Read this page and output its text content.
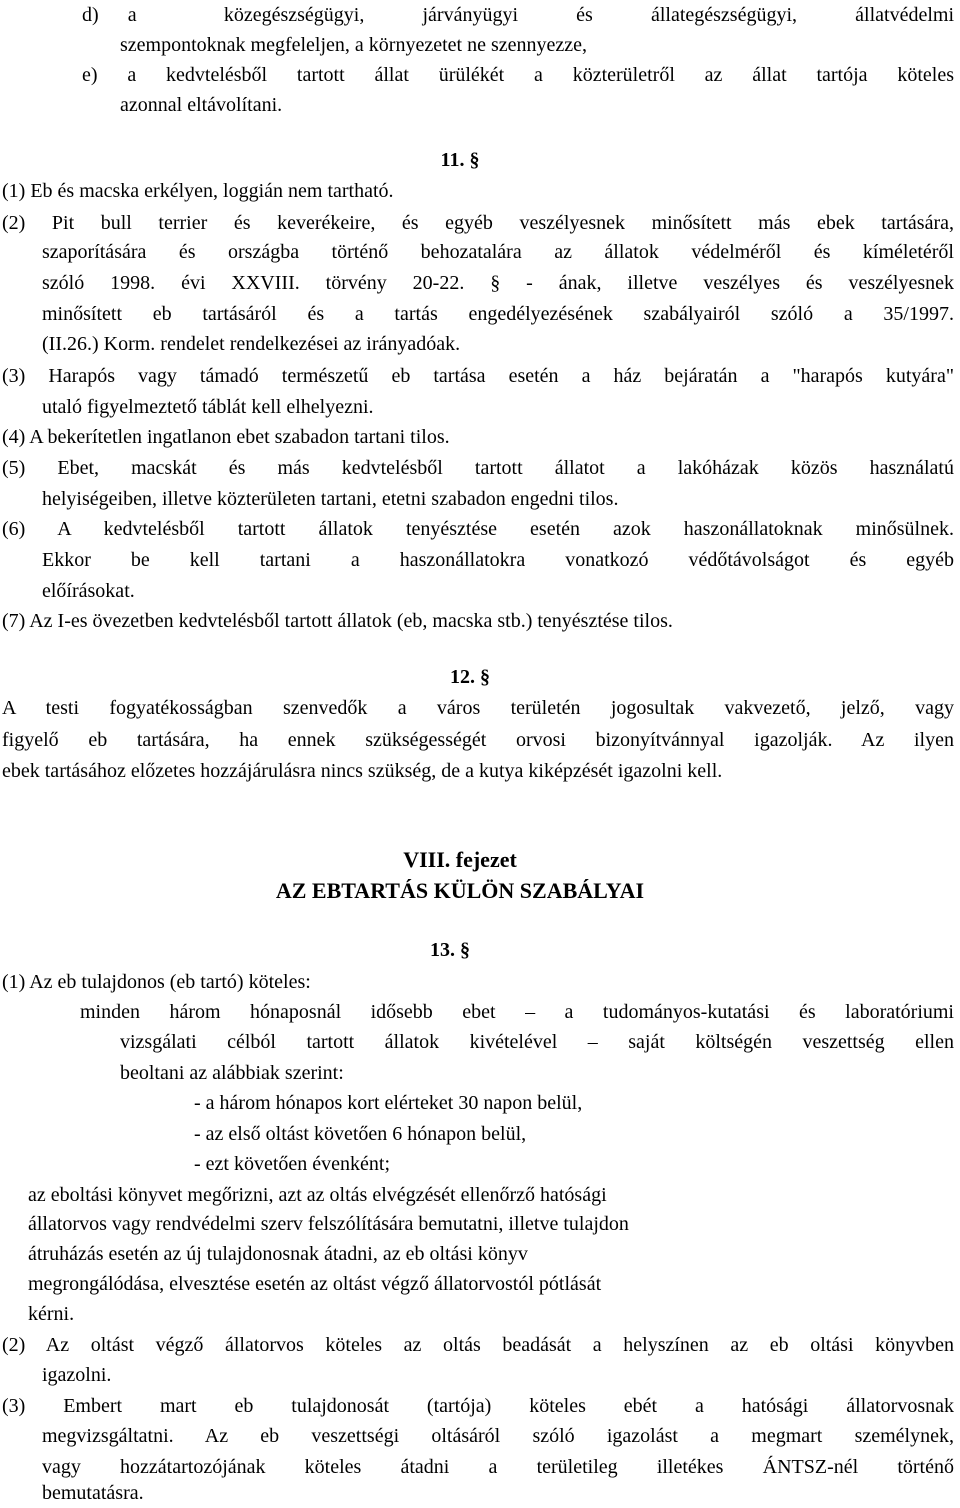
d) a   közegészségügyi,  járványügyi  és  állategészségügyi,  állatvédelmi
szempontoknak megfeleljen, a környezetet ne szennyezze,
e) a kedvtelésből tartott állat ürülékét a közterületről az állat tartója köteles
azonnal eltávolítani.
11. §
(1) Eb és macska erkélyen, loggián nem tartható.
(2) Pit bull terrier és keverékeire, és egyéb veszélyesnek minősített más ebek tartására,
szaporítására és országba történő behozatalára az állatok védelméről és kíméletéről
szóló 1998. évi XXVIII. törvény 20-22. § - ának, illetve veszélyes és veszélyesnek
minősített eb tartásáról és a tartás engedélyezésének szabályairól szóló a 35/1997.
(II.26.) Korm. rendelet rendelkezései az irányadóak.
(3) Harapós vagy támadó természetű eb tartása esetén a ház bejáratán a "harapós kutyára"
utaló figyelmeztető táblát kell elhelyezni.
(4) A bekerítetlen ingatlanon ebet szabadon tartani tilos.
(5) Ebet, macskát és más kedvtelésből tartott állatot a lakóházak közös használatú
helyiségeiben, illetve közterületen tartani, etetni szabadon engedni tilos.
(6) A kedvtelésből tartott állatok tenyésztése esetén azok haszonállatoknak minősülnek.
Ekkor be kell tartani a haszonállatokra vonatkozó védőtávolságot és egyéb
előírásokat.
(7) Az I-es övezetben kedvtelésből tartott állatok (eb, macska stb.) tenyésztése tilos.
12. §
A testi fogyatékosságban szenvedők a város területén jogosultak vakvezető, jelző, vagy
figyelő eb tartására, ha ennek szükségességét orvosi bizonyítvánnyal igazolják. Az ilyen
ebek tartásához előzetes hozzájárulásra nincs szükség, de a kutya kiképzését igazolni kell.
VIII. fejezet
AZ EBTARTÁS KÜLÖN SZABÁLYAI
13. §
(1) Az eb tulajdonos (eb tartó) köteles:
minden három hónaposnál idősebb ebet – a tudományos-kutatási és laboratóriumi
vizsgálati célból tartott állatok kivételével – saját költségén veszettség ellen
beoltani az alábbiak szerint:
- a három hónapos kort elérteket 30 napon belül,
- az első oltást követően 6 hónapon belül,
- ezt követően évenként;
az eboltási könyvet megőrizni, azt az oltás elvégzését ellenőrző hatósági
állatorvos vagy rendvédelmi szerv felszólítására bemutatni, illetve tulajdon
átruházás esetén az új tulajdonosnak átadni, az eb oltási könyv
megrongálódása, elvesztése esetén az oltást végző állatorvostól pótlását
kérni.
(2) Az oltást végző állatorvos köteles az oltás beadását a helyszínen az eb oltási könyvben
igazolni.
(3) Embert mart eb tulajdonosát (tartója) köteles ebét a hatósági állatorvosnak
megvizsgáltatni. Az eb veszettségi oltásáról szóló igazolást a megmart személynek,
vagy hozzátartozójának köteles átadni a területileg illetékes ÁNTSZ-nél történő
bemutatásra.
